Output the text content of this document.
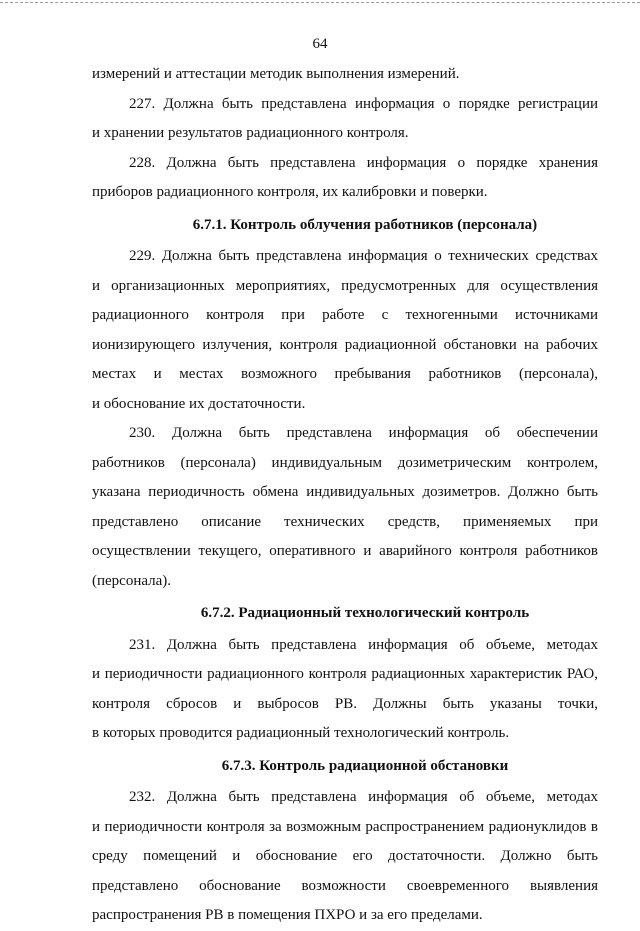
64

измерений и аттестации методик выполнения измерений.

227. Должна быть представлена информация о порядке регистрации
и хранении результатов радиационного контроля.

228. Должна быть представлена информация о порядке хранения
приборов радиационного контроля, их калибровки и поверки.

6.7.1. Контроль облучения работников (персонала)

229. Должна быть представлена информация о технических средствах
и организационных мероприятиях, предусмотренных для осуществления
радиационного контроля при работе с техногенными источниками
ионизирующего излучения, контроля радиационной обстановки на рабочих
местах и местах возможного пребывания работников (персонала),
и обоснование их достаточности.

230. Должна быть представлена информация об обеспечении
работников (персонала) индивидуальным дозиметрическим контролем,
указана периодичность обмена индивидуальных дозиметров. Должно быть
представлено описание технических средств, применяемых при
осуществлении текущего, оперативного и аварийного контроля работников
(персонала).

6.7.2. Радиационный технологический контроль

231. Должна быть представлена информация об объеме, методах
и периодичности радиационного контроля радиационных характеристик РАО,
контроля сбросов и выбросов РВ. Должны быть указаны точки,
в которых проводится радиационный технологический контроль.

6.7.3. Контроль радиационной обстановки

232. Должна быть представлена информация об объеме, методах
и периодичности контроля за возможным распространением радионуклидов в
среду помещений и обоснование его достаточности. Должно быть
представлено обоснование возможности своевременного выявления
распространения РВ в помещения ПХРО и за его пределами.
